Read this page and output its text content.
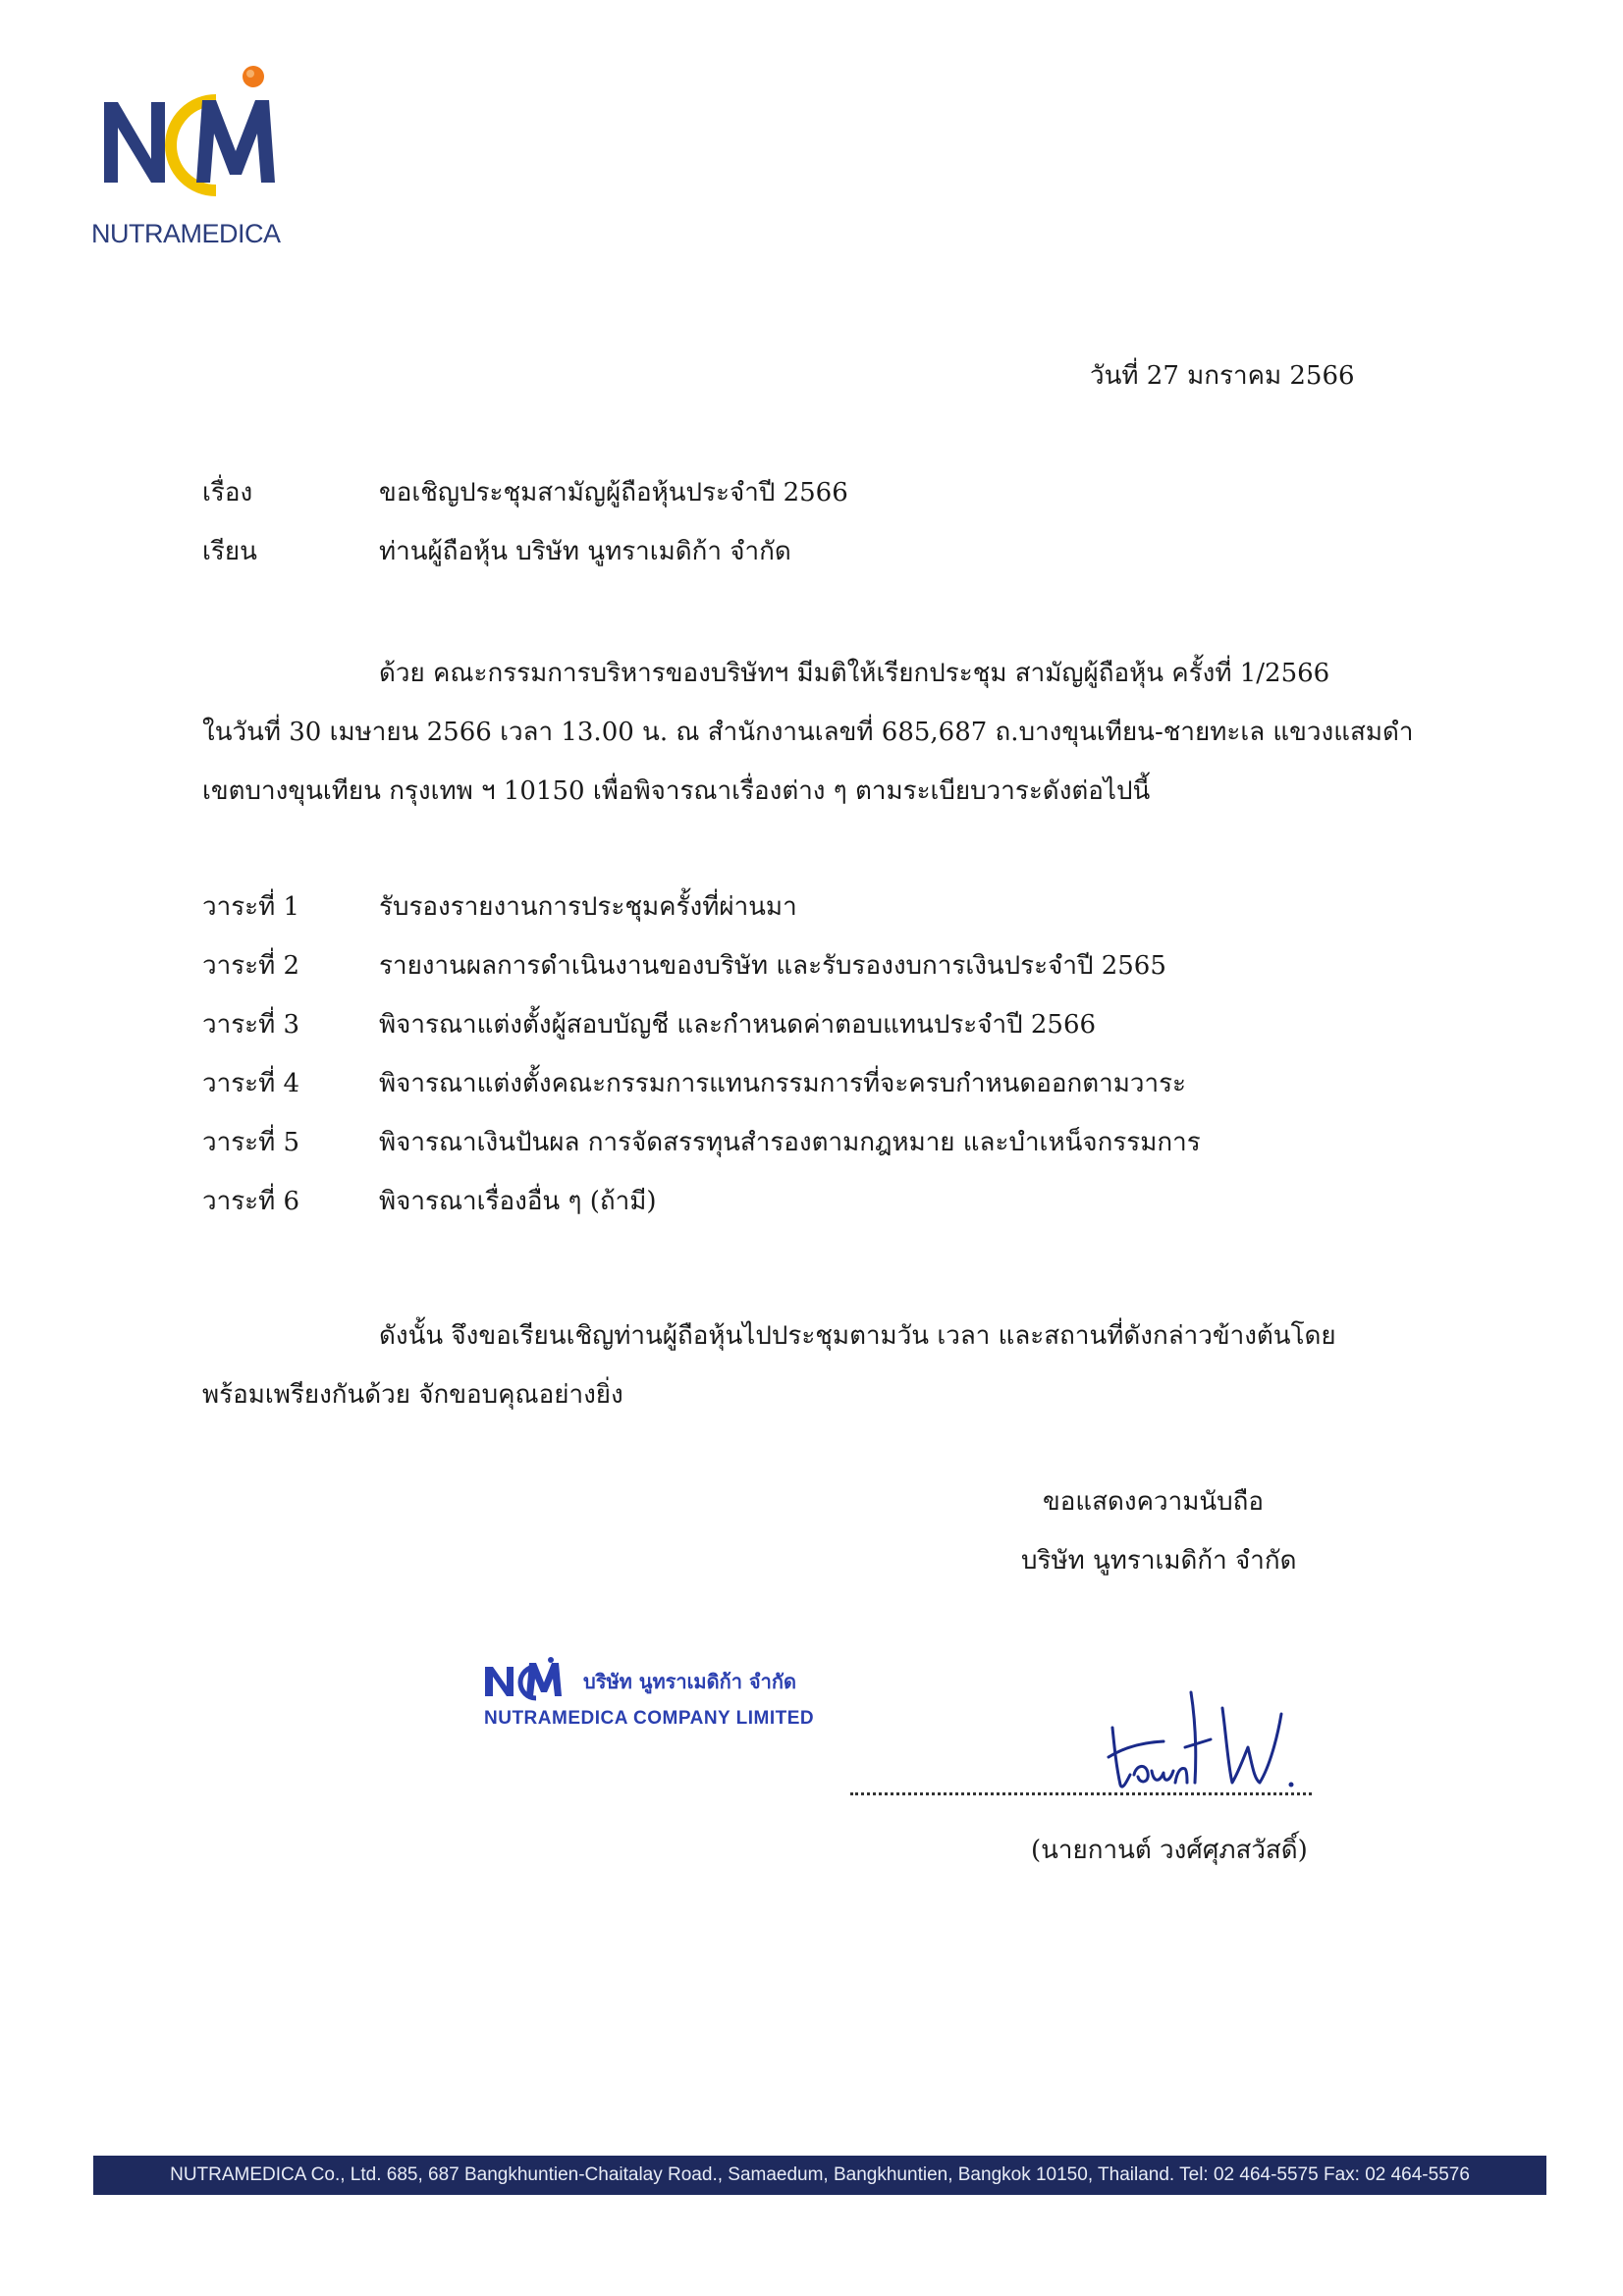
NUTRAMEDICA
วันที่ 27 มกราคม 2566
เรื่อง	ขอเชิญประชุมสามัญผู้ถือหุ้นประจำปี 2566
เรียน	ท่านผู้ถือหุ้น บริษัท นูทราเมดิก้า จำกัด
ด้วย คณะกรรมการบริหารของบริษัทฯ มีมติให้เรียกประชุม สามัญผู้ถือหุ้น ครั้งที่ 1/2566
ในวันที่ 30 เมษายน 2566 เวลา 13.00 น. ณ สำนักงานเลขที่ 685,687 ถ.บางขุนเทียน-ชายทะเล แขวงแสมดำ
เขตบางขุนเทียน กรุงเทพ ฯ 10150 เพื่อพิจารณาเรื่องต่าง ๆ ตามระเบียบวาระดังต่อไปนี้
วาระที่ 1	รับรองรายงานการประชุมครั้งที่ผ่านมา
วาระที่ 2	รายงานผลการดำเนินงานของบริษัท และรับรองงบการเงินประจำปี 2565
วาระที่ 3	พิจารณาแต่งตั้งผู้สอบบัญชี และกำหนดค่าตอบแทนประจำปี 2566
วาระที่ 4	พิจารณาแต่งตั้งคณะกรรมการแทนกรรมการที่จะครบกำหนดออกตามวาระ
วาระที่ 5	พิจารณาเงินปันผล การจัดสรรทุนสำรองตามกฎหมาย และบำเหน็จกรรมการ
วาระที่ 6	พิจารณาเรื่องอื่น ๆ (ถ้ามี)
ดังนั้น จึงขอเรียนเชิญท่านผู้ถือหุ้นไปประชุมตามวัน เวลา และสถานที่ดังกล่าวข้างต้นโดย
พร้อมเพรียงกันด้วย จักขอบคุณอย่างยิ่ง
ขอแสดงความนับถือ
บริษัท นูทราเมดิก้า จำกัด
บริษัท นูทราเมดิก้า จำกัด
NUTRAMEDICA COMPANY LIMITED
(นายกานต์ วงศ์ศุภสวัสดิ์)
NUTRAMEDICA Co., Ltd. 685, 687 Bangkhuntien-Chaitalay Road., Samaedum, Bangkhuntien, Bangkok 10150, Thailand. Tel: 02 464-5575 Fax: 02 464-5576
